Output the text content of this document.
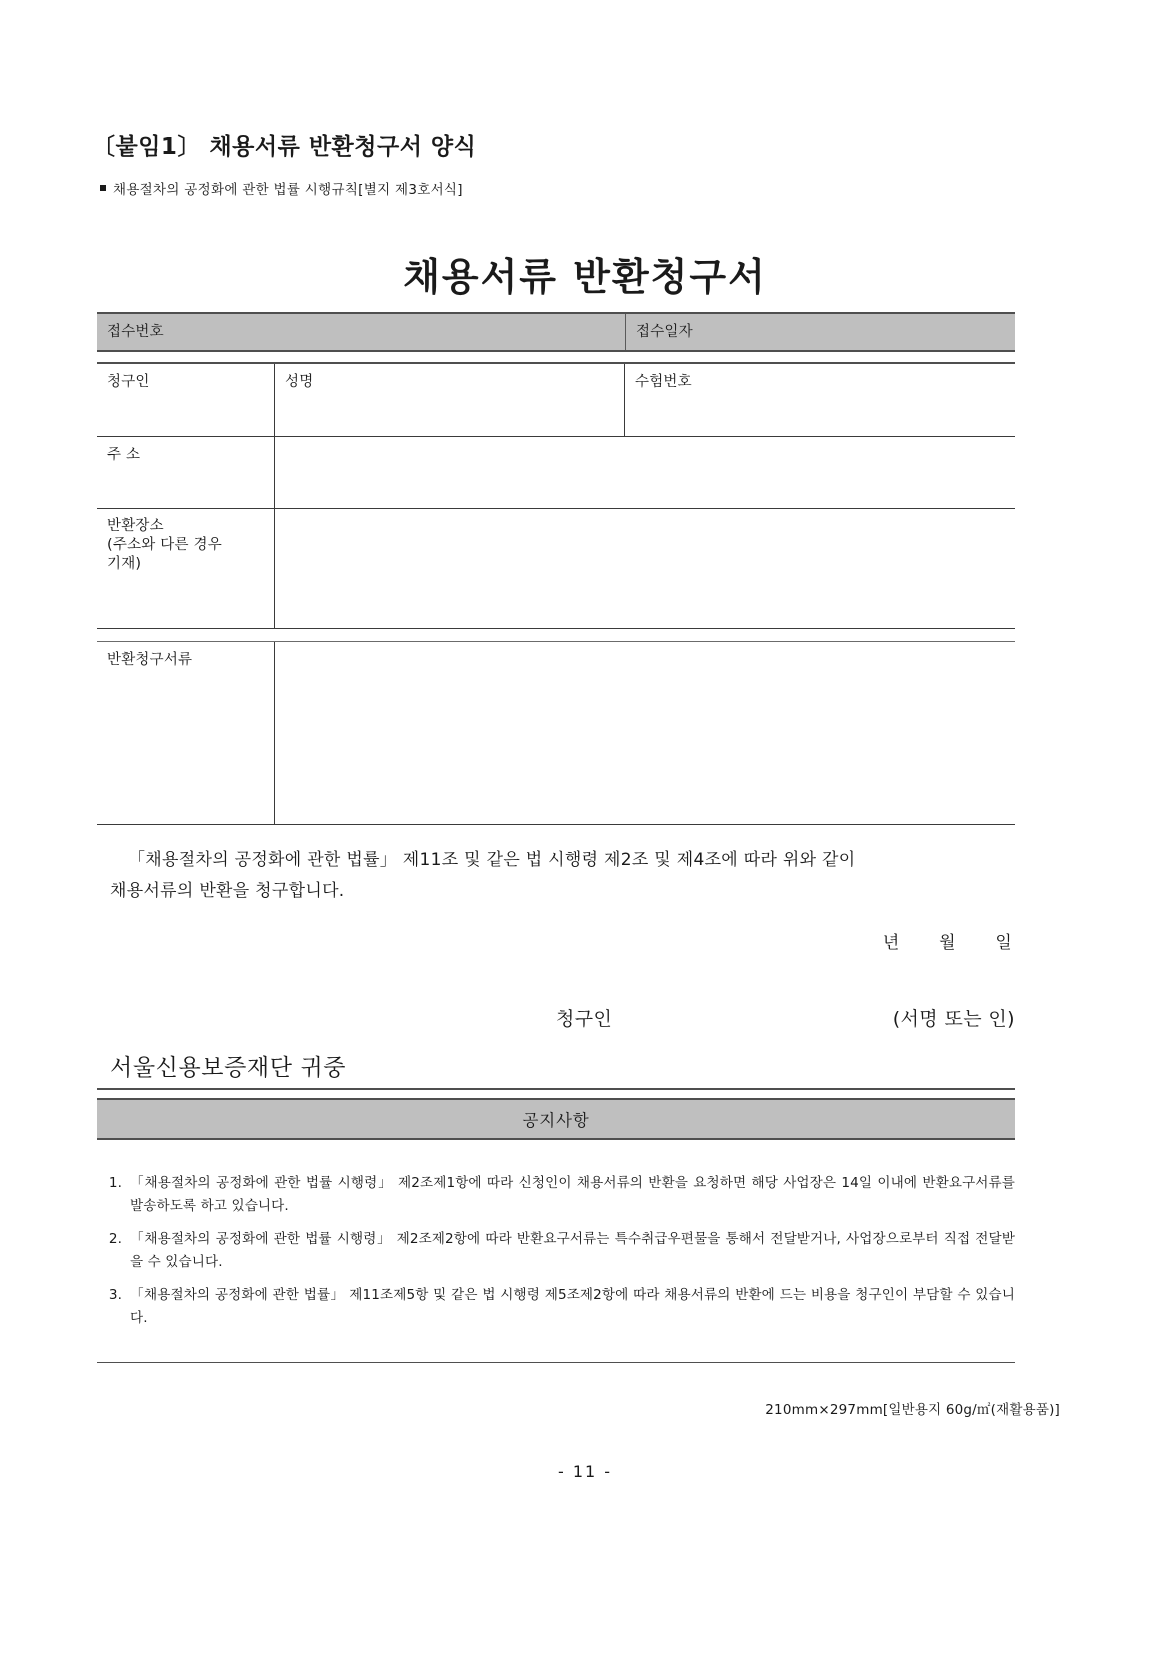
〔붙임1〕 채용서류 반환청구서 양식
채용절차의 공정화에 관한 법률 시행규칙[별지 제3호서식]
채용서류 반환청구서
접수번호	접수일자
청구인	성명	수험번호
주 소
반환장소
(주소와 다른 경우
기재)
반환청구서류
「채용절차의 공정화에 관한 법률」 제11조 및 같은 법 시행령 제2조 및 제4조에 따라 위와 같이
채용서류의 반환을 청구합니다.
년 월 일
청구인	(서명 또는 인)
서울신용보증재단 귀중
공지사항
1. 「채용절차의 공정화에 관한 법률 시행령」 제2조제1항에 따라 신청인이 채용서류의 반환을 요청하면 해당 사업장은 14일 이내에 반환요구서류를 발송하도록 하고 있습니다.
2. 「채용절차의 공정화에 관한 법률 시행령」 제2조제2항에 따라 반환요구서류는 특수취급우편물을 통해서 전달받거나, 사업장으로부터 직접 전달받을 수 있습니다.
3. 「채용절차의 공정화에 관한 법률」 제11조제5항 및 같은 법 시행령 제5조제2항에 따라 채용서류의 반환에 드는 비용을 청구인이 부담할 수 있습니다.
210mm×297mm[일반용지 60g/㎡(재활용품)]
- 11 -
